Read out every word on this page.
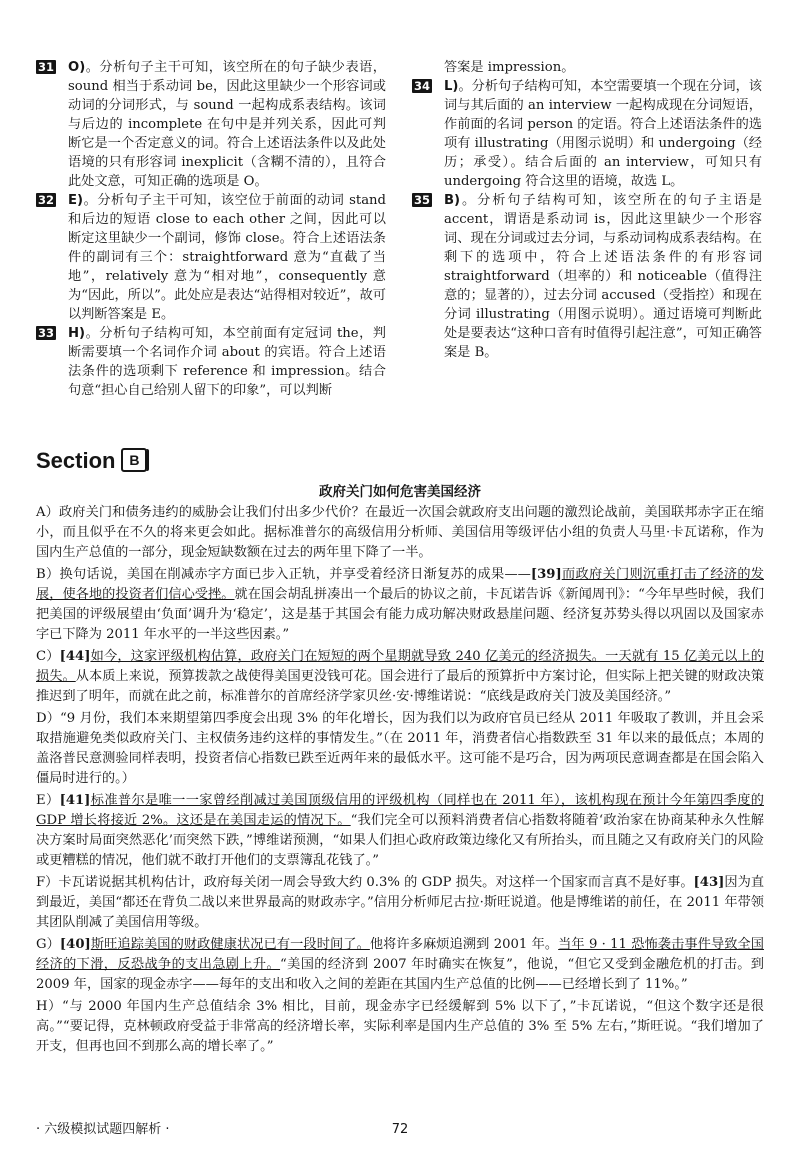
31 O)。分析句子主干可知，该空所在的句子缺少表语，sound 相当于系动词 be，因此这里缺少一个形容词或动词的分词形式，与 sound 一起构成系表结构。该词与后边的 incomplete 在句中是并列关系，因此可判断它是一个否定意义的词。符合上述语法条件以及此处语境的只有形容词 inexplicit（含糊不清的），且符合此处文意，可知正确的选项是 O。

32 E)。分析句子主干可知，该空位于前面的动词 stand 和后边的短语 close to each other 之间，因此可以断定这里缺少一个副词，修饰 close。符合上述语法条件的副词有三个：straightforward 意为“直截了当地”，relatively 意为“相对地”，consequently 意为“因此，所以”。此处应是表达“站得相对较近”，故可以判断答案是 E。

33 H)。分析句子结构可知，本空前面有定冠词 the，判断需要填一个名词作介词 about 的宾语。符合上述语法条件的选项剩下 reference 和 impression。结合句意“担心自己给别人留下的印象”，可以判断

答案是 impression。

34 L)。分析句子结构可知，本空需要填一个现在分词，该词与其后面的 an interview 一起构成现在分词短语，作前面的名词 person 的定语。符合上述语法条件的选项有 illustrating（用图示说明）和 undergoing（经历；承受）。结合后面的 an interview，可知只有 undergoing 符合这里的语境，故选 L。

35 B)。分析句子结构可知，该空所在的句子主语是 accent，谓语是系动词 is，因此这里缺少一个形容词、现在分词或过去分词，与系动词构成系表结构。在剩下的选项中，符合上述语法条件的有形容词 straightforward（坦率的）和 noticeable（值得注意的；显著的），过去分词 accused（受指控）和现在分词 illustrating（用图示说明）。通过语境可判断此处是要表达“这种口音有时值得引起注意”，可知正确答案是 B。

Section B
政府关门如何危害美国经济

A）政府关门和债务违约的威胁会让我们付出多少代价？在最近一次国会就政府支出问题的激烈论战前，美国联邦赤字正在缩小，而且似乎在不久的将来更会如此。据标准普尔的高级信用分析师、美国信用等级评估小组的负责人马里·卡瓦诺称，作为国内生产总值的一部分，现金短缺数额在过去的两年里下降了一半。

B）换句话说，美国在削减赤字方面已步入正轨，并享受着经济日渐复苏的成果——[39]而政府关门则沉重打击了经济的发展，使各地的投资者们信心受挫。就在国会胡乱拼凑出一个最后的协议之前，卡瓦诺告诉《新闻周刊》：“今年早些时候，我们把美国的评级展望由‘负面’调升为‘稳定’，这是基于其国会有能力成功解决财政悬崖问题、经济复苏势头得以巩固以及国家赤字已下降为 2011 年水平的一半这些因素。”

C）[44]如今，这家评级机构估算，政府关门在短短的两个星期就导致 240 亿美元的经济损失。一天就有 15 亿美元以上的损失。从本质上来说，预算拨款之战使得美国更没钱可花。国会进行了最后的预算折中方案讨论，但实际上把关键的财政决策推迟到了明年，而就在此之前，标准普尔的首席经济学家贝丝·安·博维诺说：“底线是政府关门波及美国经济。”

D）“9 月份，我们本来期望第四季度会出现 3% 的年化增长，因为我们以为政府官员已经从 2011 年吸取了教训，并且会采取措施避免类似政府关门、主权债务违约这样的事情发生。”（在 2011 年，消费者信心指数跌至 31 年以来的最低点；本周的盖洛普民意测验同样表明，投资者信心指数已跌至近两年来的最低水平。这可能不是巧合，因为两项民意调查都是在国会陷入僵局时进行的。）

E）[41]标准普尔是唯一一家曾经削减过美国顶级信用的评级机构（同样也在 2011 年），该机构现在预计今年第四季度的 GDP 增长将接近 2%。这还是在美国走运的情况下。“我们完全可以预料消费者信心指数将随着‘政治家在协商某种永久性解决方案时局面突然恶化’而突然下跌，”博维诺预测，“如果人们担心政府政策边缘化又有所抬头，而且随之又有政府关门的风险或更糟糕的情况，他们就不敢打开他们的支票簿乱花钱了。”

F）卡瓦诺说据其机构估计，政府每关闭一周会导致大约 0.3% 的 GDP 损失。对这样一个国家而言真不是好事。[43]因为直到最近，美国“都还在背负二战以来世界最高的财政赤字。”信用分析师尼古拉·斯旺说道。他是博维诺的前任，在 2011 年带领其团队削减了美国信用等级。

G）[40]斯旺追踪美国的财政健康状况已有一段时间了。他将许多麻烦追溯到 2001 年。当年 9 · 11 恐怖袭击事件导致全国经济的下滑，反恐战争的支出急剧上升。“美国的经济到 2007 年时确实在恢复”，他说，“但它又受到金融危机的打击。到 2009 年，国家的现金赤字——每年的支出和收入之间的差距在其国内生产总值的比例——已经增长到了 11%。”

H）“与 2000 年国内生产总值结余 3% 相比，目前，现金赤字已经缓解到 5% 以下了，”卡瓦诺说，“但这个数字还是很高。”“要记得，克林顿政府受益于非常高的经济增长率，实际利率是国内生产总值的 3% 至 5% 左右，”斯旺说。“我们增加了开支，但再也回不到那么高的增长率了。”

· 六级模拟试题四解析 ·	72
